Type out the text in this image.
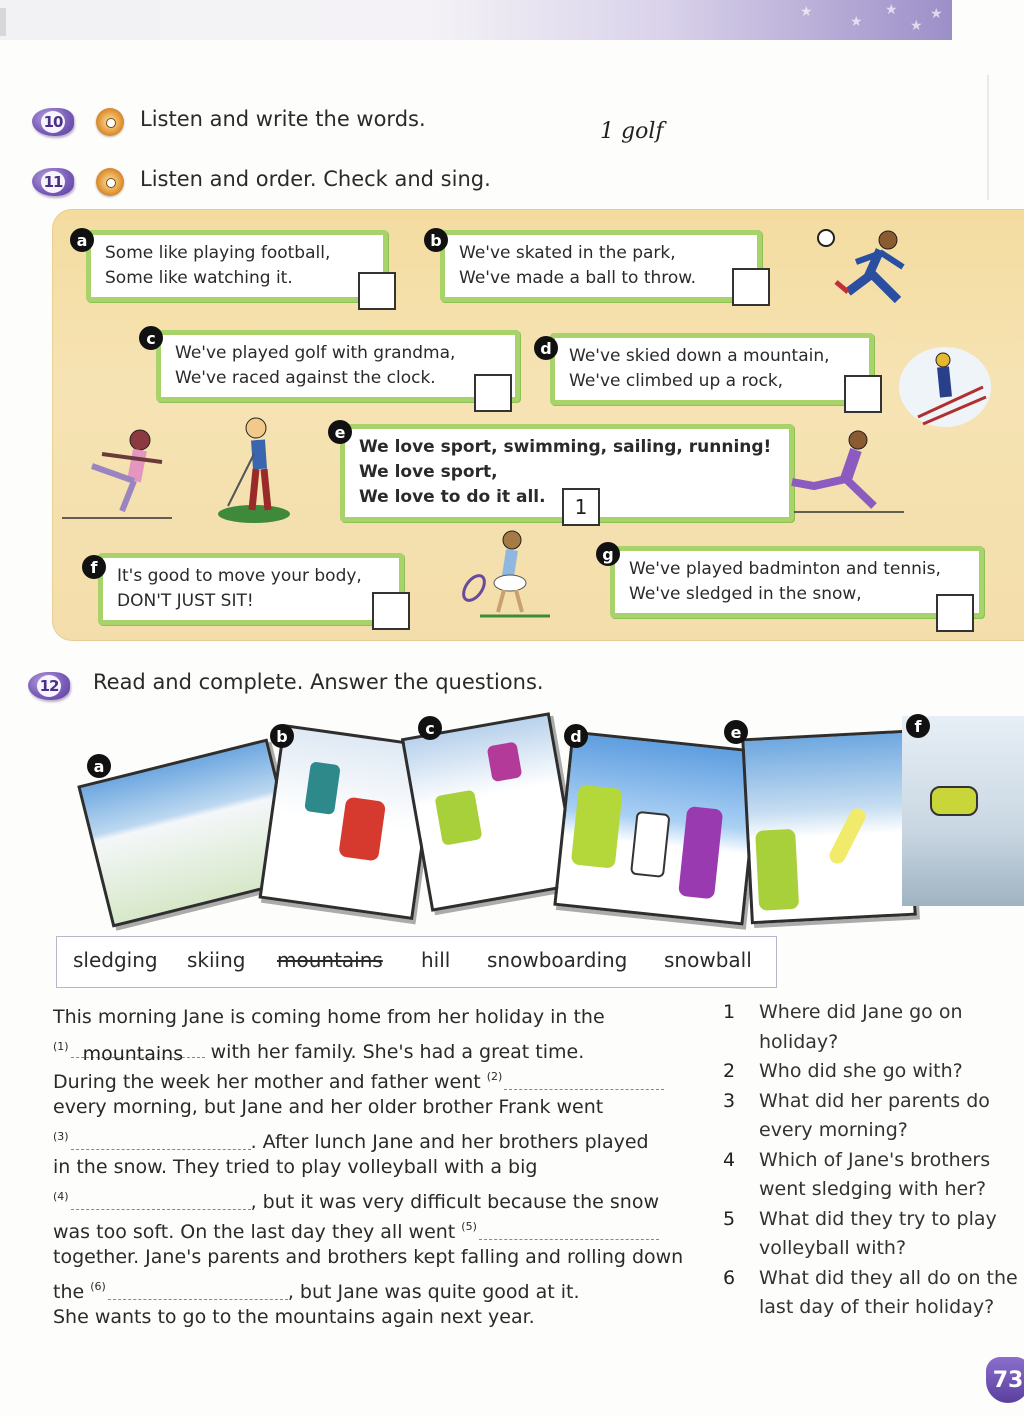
★
★
★
★
★
10	Listen and write the words.	1 golf
11	Listen and order. Check and sing.
a
Some like playing football,
Some like watching it.
b
We've skated in the park,
We've made a ball to throw.
c
We've played golf with grandma,
We've raced against the clock.
d	We've skied down a mountain,
We've climbed up a rock,
e
We love sport, swimming, sailing, running!
We love sport,
We love to do it all.	1
f	It's good to move your body,
DON'T JUST SIT!
g
We've played badminton and tennis,
We've sledged in the snow,
12 Read and complete. Answer the questions.
a
b	c	d	e	f
sledging skiing mountains hill snowboarding snowball
This morning Jane is coming home from her holiday in the
$^{(1)}$ mountains with her family. She's had a great time.
During the week her mother and father went $^{(2)}$
every morning, but Jane and her older brother Frank went
$^{(3)}$	. After lunch Jane and her brothers played
in the snow. They tried to play volleyball with a big
$^{(4)}$	, but it was very difficult because the snow
was too soft. On the last day they all went $^{(5)}$
together. Jane's parents and brothers kept falling and rolling down
the $^{(6)}$	, but Jane was quite good at it.
She wants to go to the mountains again next year.
1	Where did Jane go on holiday?
2	Who did she go with?
3	What did her parents do every morning?
4	Which of Jane's brothers went sledging with her?
5	What did they try to play volleyball with?
6	What did they all do on the last day of their holiday?
73
